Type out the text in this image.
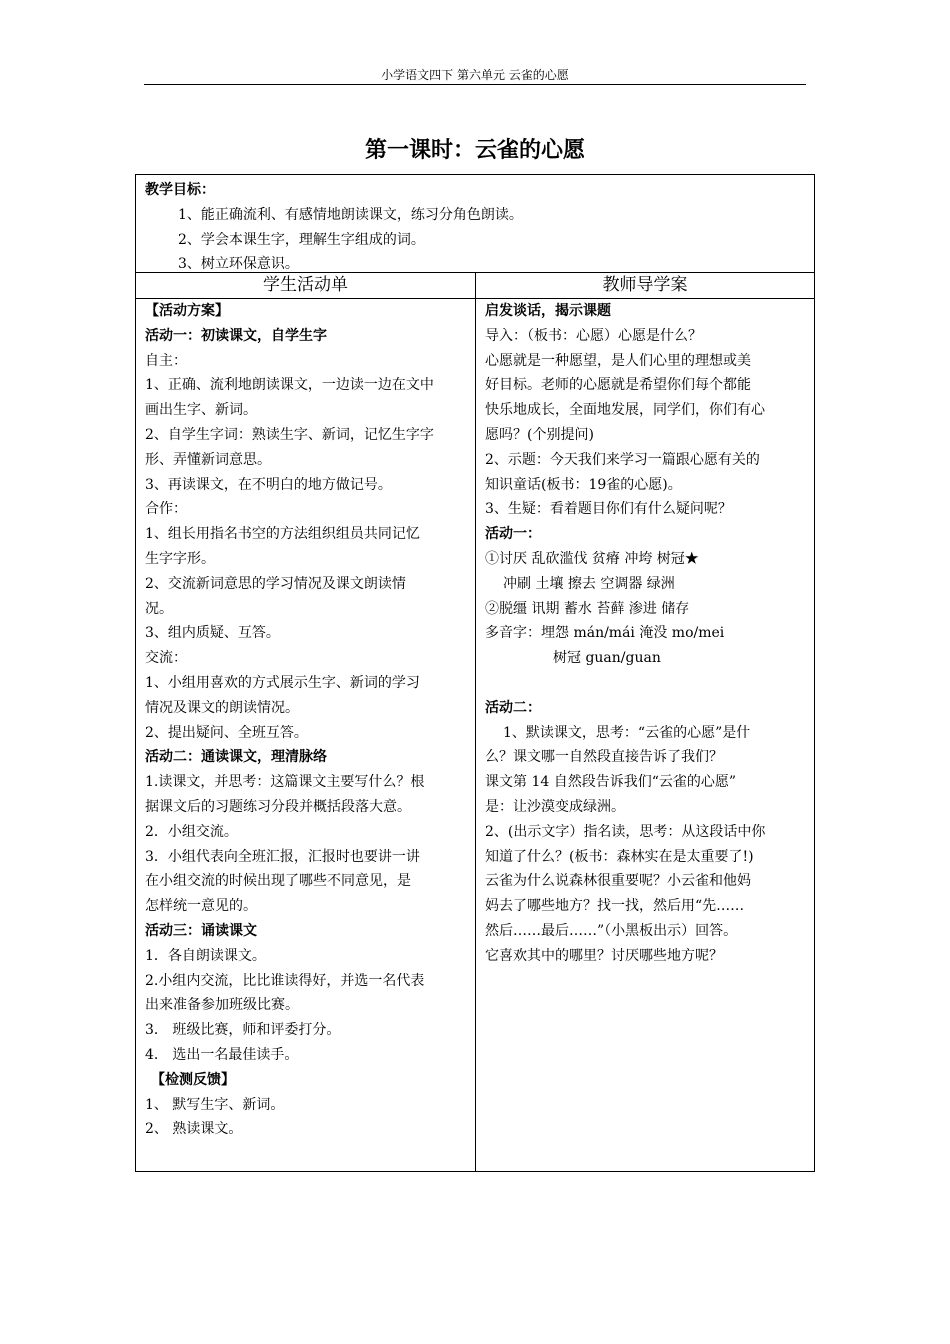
小学语文四下 第六单元 云雀的心愿
第一课时：云雀的心愿
教学目标：
1、能正确流利、有感情地朗读课文，练习分角色朗读。
2、学会本课生字，理解生字组成的词。
3、树立环保意识。
学生活动单	教师导学案
【活动方案】
活动一：初读课文，自学生字
自主：
1、正确、流利地朗读课文，一边读一边在文中
画出生字、新词。
2、自学生字词：熟读生字、新词，记忆生字字
形、弄懂新词意思。
3、再读课文，在不明白的地方做记号。
合作：
1、组长用指名书空的方法组织组员共同记忆
生字字形。
2、交流新词意思的学习情况及课文朗读情
况。
3、组内质疑、互答。
交流：
1、小组用喜欢的方式展示生字、新词的学习
情况及课文的朗读情况。
2、提出疑问、全班互答。
活动二：通读课文，理清脉络
1.读课文，并思考：这篇课文主要写什么？根
据课文后的习题练习分段并概括段落大意。
2．小组交流。
3．小组代表向全班汇报，汇报时也要讲一讲
在小组交流的时候出现了哪些不同意见，是
怎样统一意见的。
活动三：诵读课文
1．各自朗读课文。
2.小组内交流，比比谁读得好，并选一名代表
出来准备参加班级比赛。
3． 班级比赛，师和评委打分。
4． 选出一名最佳读手。
【检测反馈】
1、 默写生字、新词。
2、 熟读课文。
启发谈话，揭示课题
导入：（板书：心愿）心愿是什么？
心愿就是一种愿望，是人们心里的理想或美
好目标。老师的心愿就是希望你们每个都能
快乐地成长，全面地发展，同学们，你们有心
愿吗？(个别提问)
2、示题：今天我们来学习一篇跟心愿有关的
知识童话(板书：19雀的心愿)。
3、生疑：看着题目你们有什么疑问呢？
活动一：
①讨厌 乱砍滥伐 贫瘠 冲垮 树冠★
冲刷 土壤 擦去 空调器 绿洲
②脱缰 讯期 蓄水 苔藓 渗进 储存
多音字：埋怨 mán/mái 淹没 mo/mei
树冠 guan/guan

活动二：
1、默读课文，思考：“云雀的心愿”是什
么？课文哪一自然段直接告诉了我们？
课文第 14 自然段告诉我们“云雀的心愿”
是：让沙漠变成绿洲。
2、(出示文字）指名读，思考：从这段话中你
知道了什么？(板书：森林实在是太重要了!)
云雀为什么说森林很重要呢？小云雀和他妈
妈去了哪些地方？找一找，然后用“先……
然后……最后……”（小黑板出示）回答。
它喜欢其中的哪里？讨厌哪些地方呢？
